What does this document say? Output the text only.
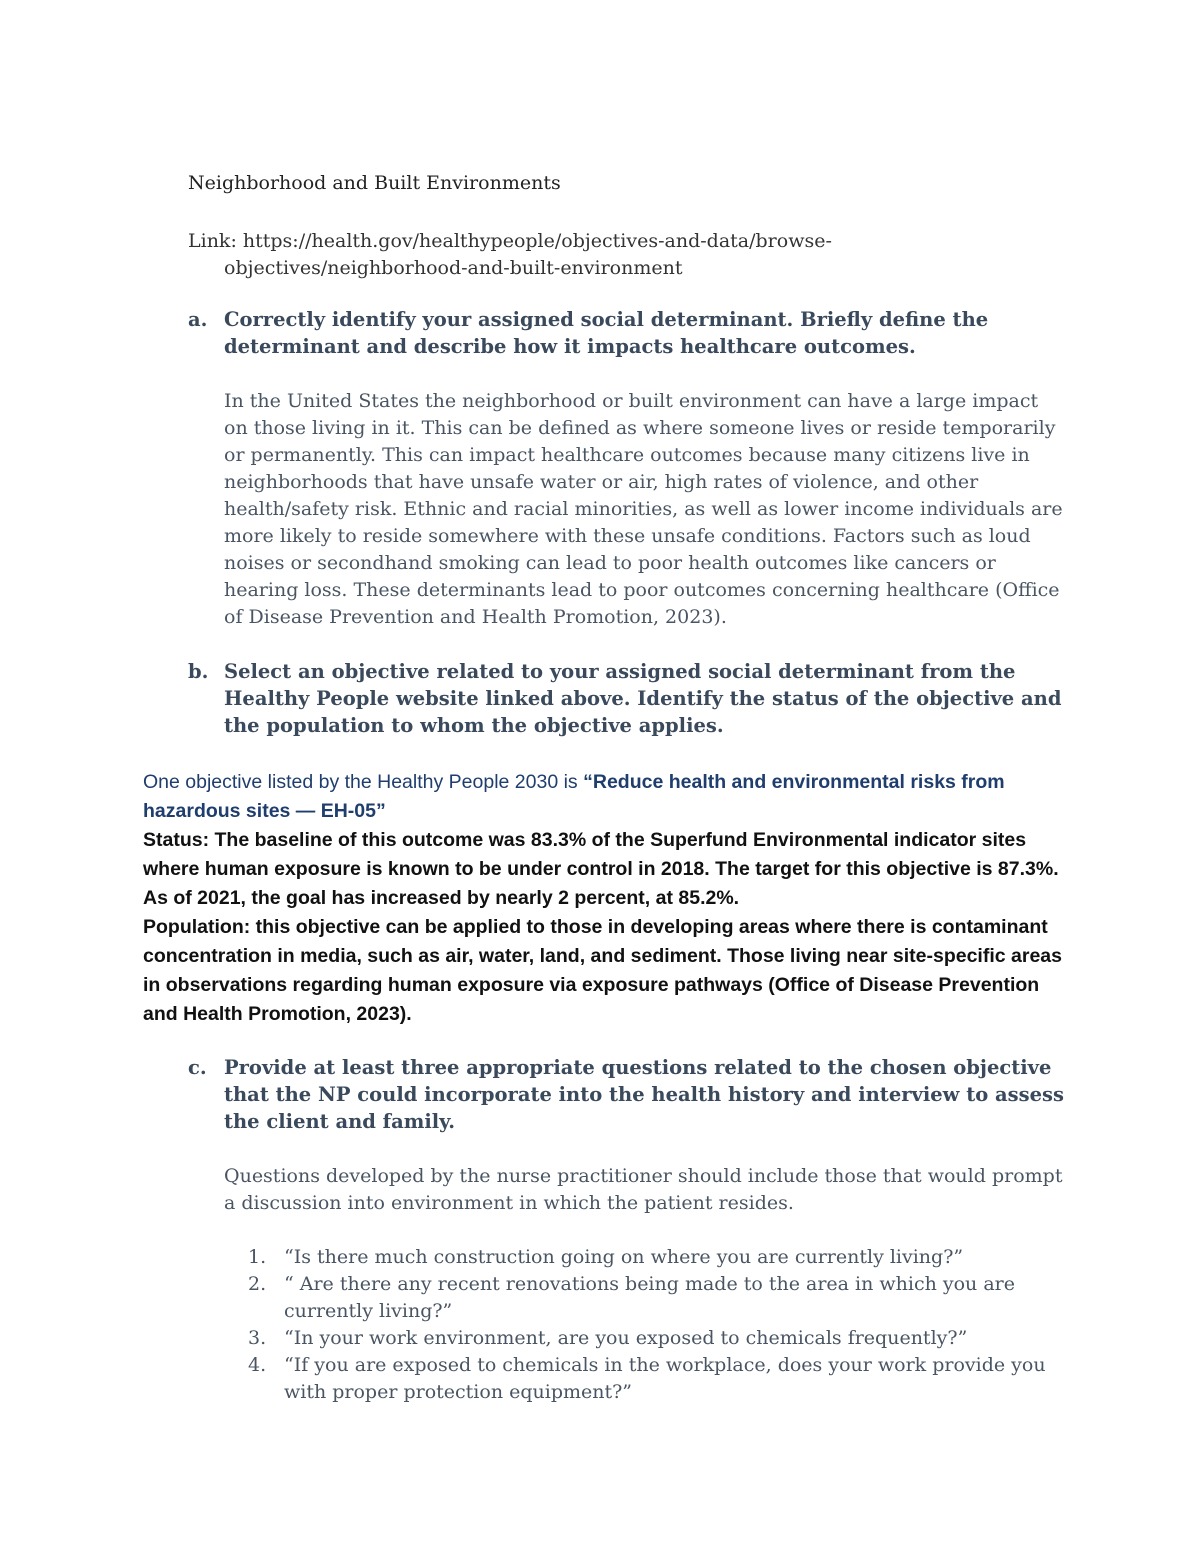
Neighborhood and Built Environments
Link: https://health.gov/healthypeople/objectives-and-data/browse-
objectives/neighborhood-and-built-environment
a. Correctly identify your assigned social determinant. Briefly define the determinant and describe how it impacts healthcare outcomes.
In the United States the neighborhood or built environment can have a large impact on those living in it. This can be defined as where someone lives or reside temporarily or permanently. This can impact healthcare outcomes because many citizens live in neighborhoods that have unsafe water or air, high rates of violence, and other health/safety risk. Ethnic and racial minorities, as well as lower income individuals are more likely to reside somewhere with these unsafe conditions. Factors such as loud noises or secondhand smoking can lead to poor health outcomes like cancers or hearing loss. These determinants lead to poor outcomes concerning healthcare (Office of Disease Prevention and Health Promotion, 2023).
b. Select an objective related to your assigned social determinant from the Healthy People website linked above. Identify the status of the objective and the population to whom the objective applies.

One objective listed by the Healthy People 2030 is “Reduce health and environmental risks from hazardous sites — EH-05”

Status: The baseline of this outcome was 83.3% of the Superfund Environmental indicator sites where human exposure is known to be under control in 2018. The target for this objective is 87.3%. As of 2021, the goal has increased by nearly 2 percent, at 85.2%.

Population: this objective can be applied to those in developing areas where there is contaminant concentration in media, such as air, water, land, and sediment. Those living near site-specific areas in observations regarding human exposure via exposure pathways (Office of Disease Prevention and Health Promotion, 2023).

c. Provide at least three appropriate questions related to the chosen objective that the NP could incorporate into the health history and interview to assess the client and family.
Questions developed by the nurse practitioner should include those that would prompt a discussion into environment in which the patient resides.
1. “Is there much construction going on where you are currently living?”
2. “ Are there any recent renovations being made to the area in which you are currently living?”
3. “In your work environment, are you exposed to chemicals frequently?”
4. “If you are exposed to chemicals in the workplace, does your work provide you with proper protection equipment?”
